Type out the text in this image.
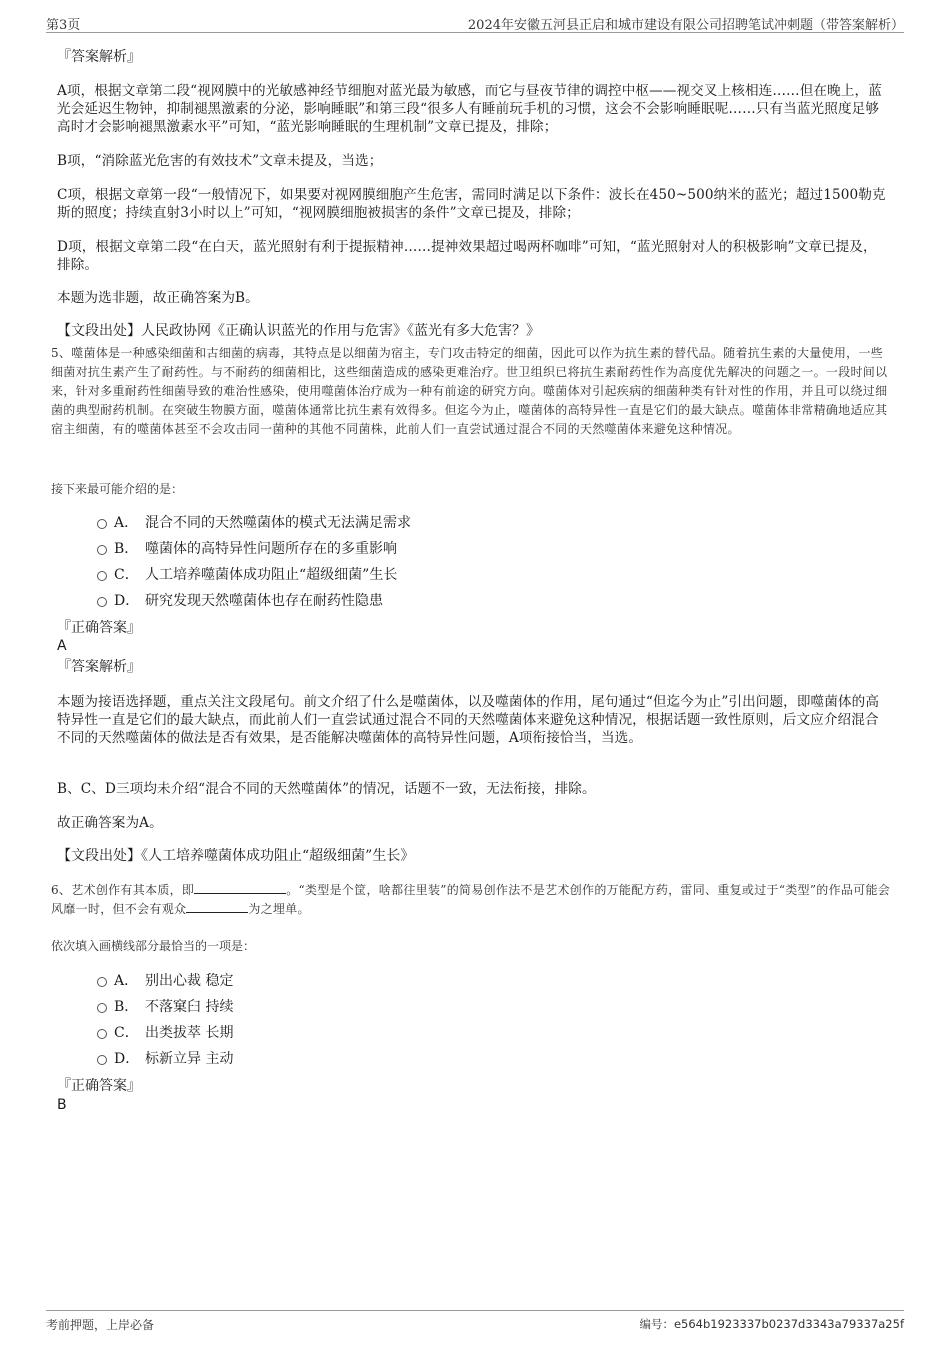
第3页	2024年安徽五河县正启和城市建设有限公司招聘笔试冲刺题（带答案解析）

『答案解析』

A项，根据文章第二段“视网膜中的光敏感神经节细胞对蓝光最为敏感，而它与昼夜节律的调控中枢——视交叉上核相连……但在晚上，蓝光会延迟生物钟，抑制褪黑激素的分泌，影响睡眠”和第三段“很多人有睡前玩手机的习惯，这会不会影响睡眠呢……只有当蓝光照度足够高时才会影响褪黑激素水平”可知，“蓝光影响睡眠的生理机制”文章已提及，排除；

B项，“消除蓝光危害的有效技术”文章未提及，当选；

C项，根据文章第一段“一般情况下，如果要对视网膜细胞产生危害，需同时满足以下条件：波长在450~500纳米的蓝光；超过1500勒克斯的照度；持续直射3小时以上”可知，“视网膜细胞被损害的条件”文章已提及，排除；

D项，根据文章第二段“在白天，蓝光照射有利于提振精神……提神效果超过喝两杯咖啡”可知，“蓝光照射对人的积极影响”文章已提及，排除。

本题为选非题，故正确答案为B。

【文段出处】人民政协网《正确认识蓝光的作用与危害》《蓝光有多大危害？》

5、噬菌体是一种感染细菌和古细菌的病毒，其特点是以细菌为宿主，专门攻击特定的细菌，因此可以作为抗生素的替代品。随着抗生素的大量使用，一些细菌对抗生素产生了耐药性。与不耐药的细菌相比，这些细菌造成的感染更难治疗。世卫组织已将抗生素耐药性作为高度优先解决的问题之一。一段时间以来，针对多重耐药性细菌导致的难治性感染，使用噬菌体治疗成为一种有前途的研究方向。噬菌体对引起疾病的细菌种类有针对性的作用，并且可以绕过细菌的典型耐药机制。在突破生物膜方面，噬菌体通常比抗生素有效得多。但迄今为止，噬菌体的高特异性一直是它们的最大缺点。噬菌体非常精确地适应其宿主细菌，有的噬菌体甚至不会攻击同一菌种的其他不同菌株，此前人们一直尝试通过混合不同的天然噬菌体来避免这种情况。

接下来最可能介绍的是：

A． 混合不同的天然噬菌体的模式无法满足需求
B． 噬菌体的高特异性问题所存在的多重影响
C． 人工培养噬菌体成功阻止“超级细菌”生长
D． 研究发现天然噬菌体也存在耐药性隐患

『正确答案』

A

『答案解析』

本题为接语选择题，重点关注文段尾句。前文介绍了什么是噬菌体，以及噬菌体的作用，尾句通过“但迄今为止”引出问题，即噬菌体的高特异性一直是它们的最大缺点，而此前人们一直尝试通过混合不同的天然噬菌体来避免这种情况，根据话题一致性原则，后文应介绍混合不同的天然噬菌体的做法是否有效果，是否能解决噬菌体的高特异性问题，A项衔接恰当，当选。

B、C、D三项均未介绍“混合不同的天然噬菌体”的情况，话题不一致，无法衔接，排除。

故正确答案为A。

【文段出处】《人工培养噬菌体成功阻止“超级细菌”生长》

6、艺术创作有其本质，即	。“类型是个筐，啥都往里装”的简易创作法不是艺术创作的万能配方药，雷同、重复或过于“类型”的作品可能会风靡一时，但不会有观众	为之埋单。

依次填入画横线部分最恰当的一项是：

A． 别出心裁 稳定
B． 不落窠臼 持续
C． 出类拔萃 长期
D． 标新立异 主动

『正确答案』

B

考前押题，上岸必备	编号：e564b1923337b0237d3343a79337a25f
